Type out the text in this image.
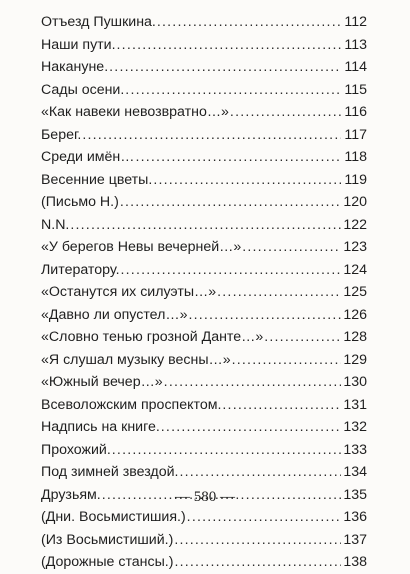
Отъезд Пушкина. .....	112
Наши пути. .....	113
Накануне. .....	114
Сады осени. .....	115
«Как навеки невозвратно…» .....	116
Берег. .....	117
Среди имён… .....	118
Весенние цветы. .....	119
(Письмо Н.) .....	120
N.N. .....	122
«У берегов Невы вечерней…» .....	123
Литератору. .....	124
«Останутся их силуэты…» .....	125
«Давно ли опустел…» .....	126
«Словно тенью грозной Данте…» .....	128
«Я слушал музыку весны…» .....	129
«Южный вечер…» .....	130
Всеволожским проспектом. .....	131
Надпись на книге. .....	132
Прохожий. .....	133
Под зимней звездой. .....	134
Друзьям. .....	135
(Дни. Восьмистишия.) .....	136
(Из Восьмистиший.) .....	137
(Дорожные стансы.) .....	138
— 580 —
